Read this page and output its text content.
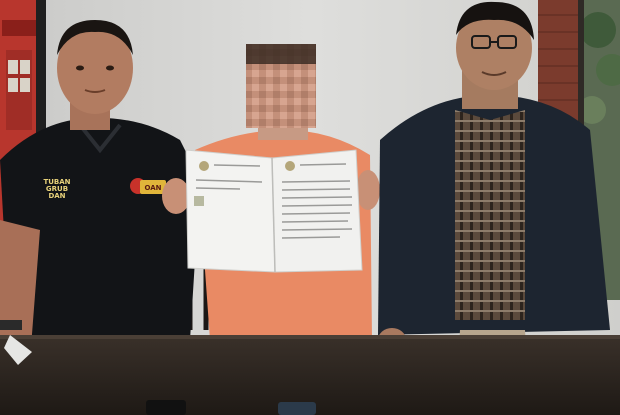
TUBAN
GRUB
DAN
OAN
